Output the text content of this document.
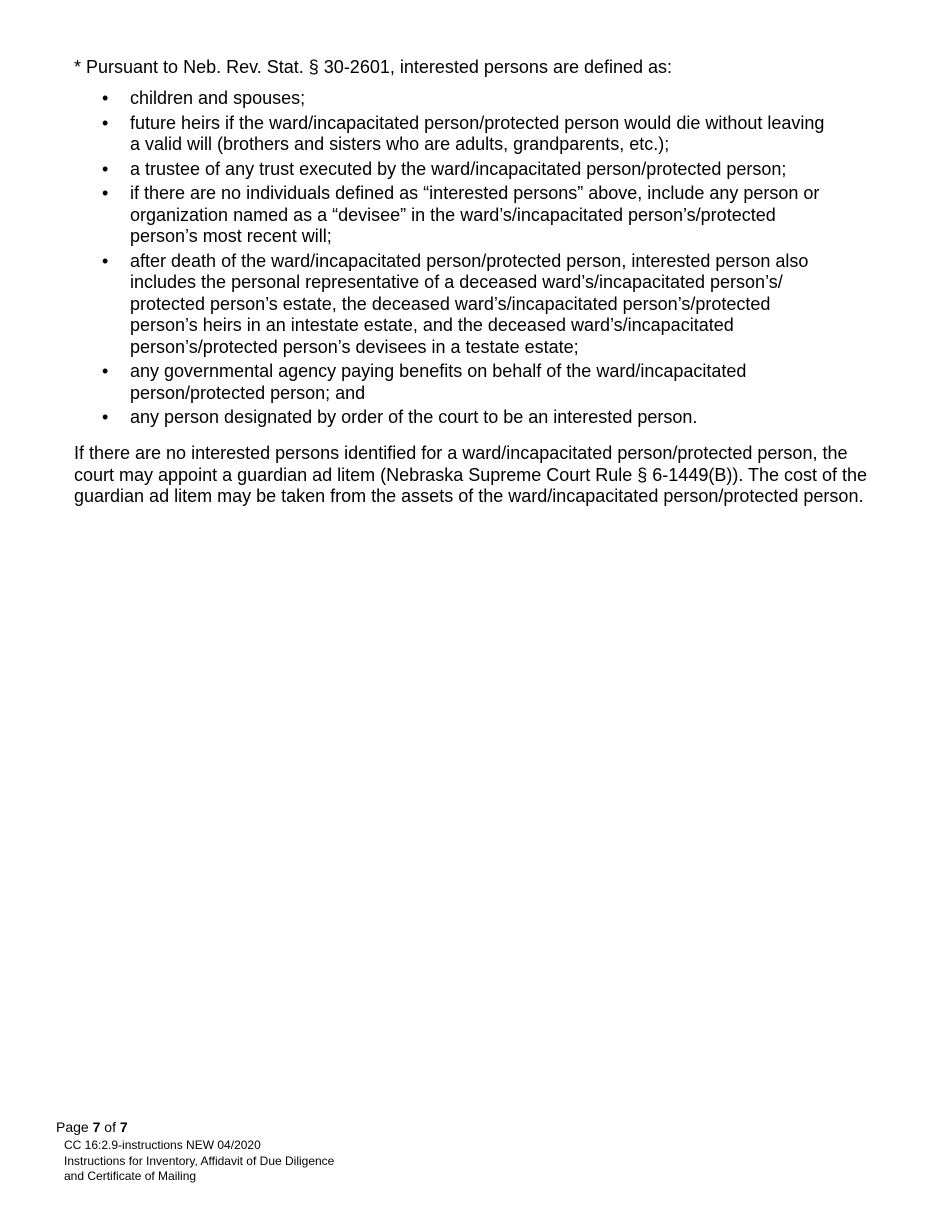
* Pursuant to Neb. Rev. Stat. § 30-2601, interested persons are defined as:

•	children and spouses;
•	future heirs if the ward/incapacitated person/protected person would die without leaving a valid will (brothers and sisters who are adults, grandparents, etc.);
•	a trustee of any trust executed by the ward/incapacitated person/protected person;
•	if there are no individuals defined as “interested persons” above, include any person or organization named as a “devisee” in the ward’s/incapacitated person’s/protected person’s most recent will;
•	after death of the ward/incapacitated person/protected person, interested person also includes the personal representative of a deceased ward’s/incapacitated person’s/ protected person’s estate, the deceased ward’s/incapacitated person’s/protected person’s heirs in an intestate estate, and the deceased ward’s/incapacitated person’s/protected person’s devisees in a testate estate;
•	any governmental agency paying benefits on behalf of the ward/incapacitated person/protected person; and
•	any person designated by order of the court to be an interested person.

If there are no interested persons identified for a ward/incapacitated person/protected person, the court may appoint a guardian ad litem (Nebraska Supreme Court Rule § 6-1449(B)). The cost of the guardian ad litem may be taken from the assets of the ward/incapacitated person/protected person.

Page 7 of 7

CC 16:2.9-instructions NEW 04/2020
Instructions for Inventory, Affidavit of Due Diligence
and Certificate of Mailing
